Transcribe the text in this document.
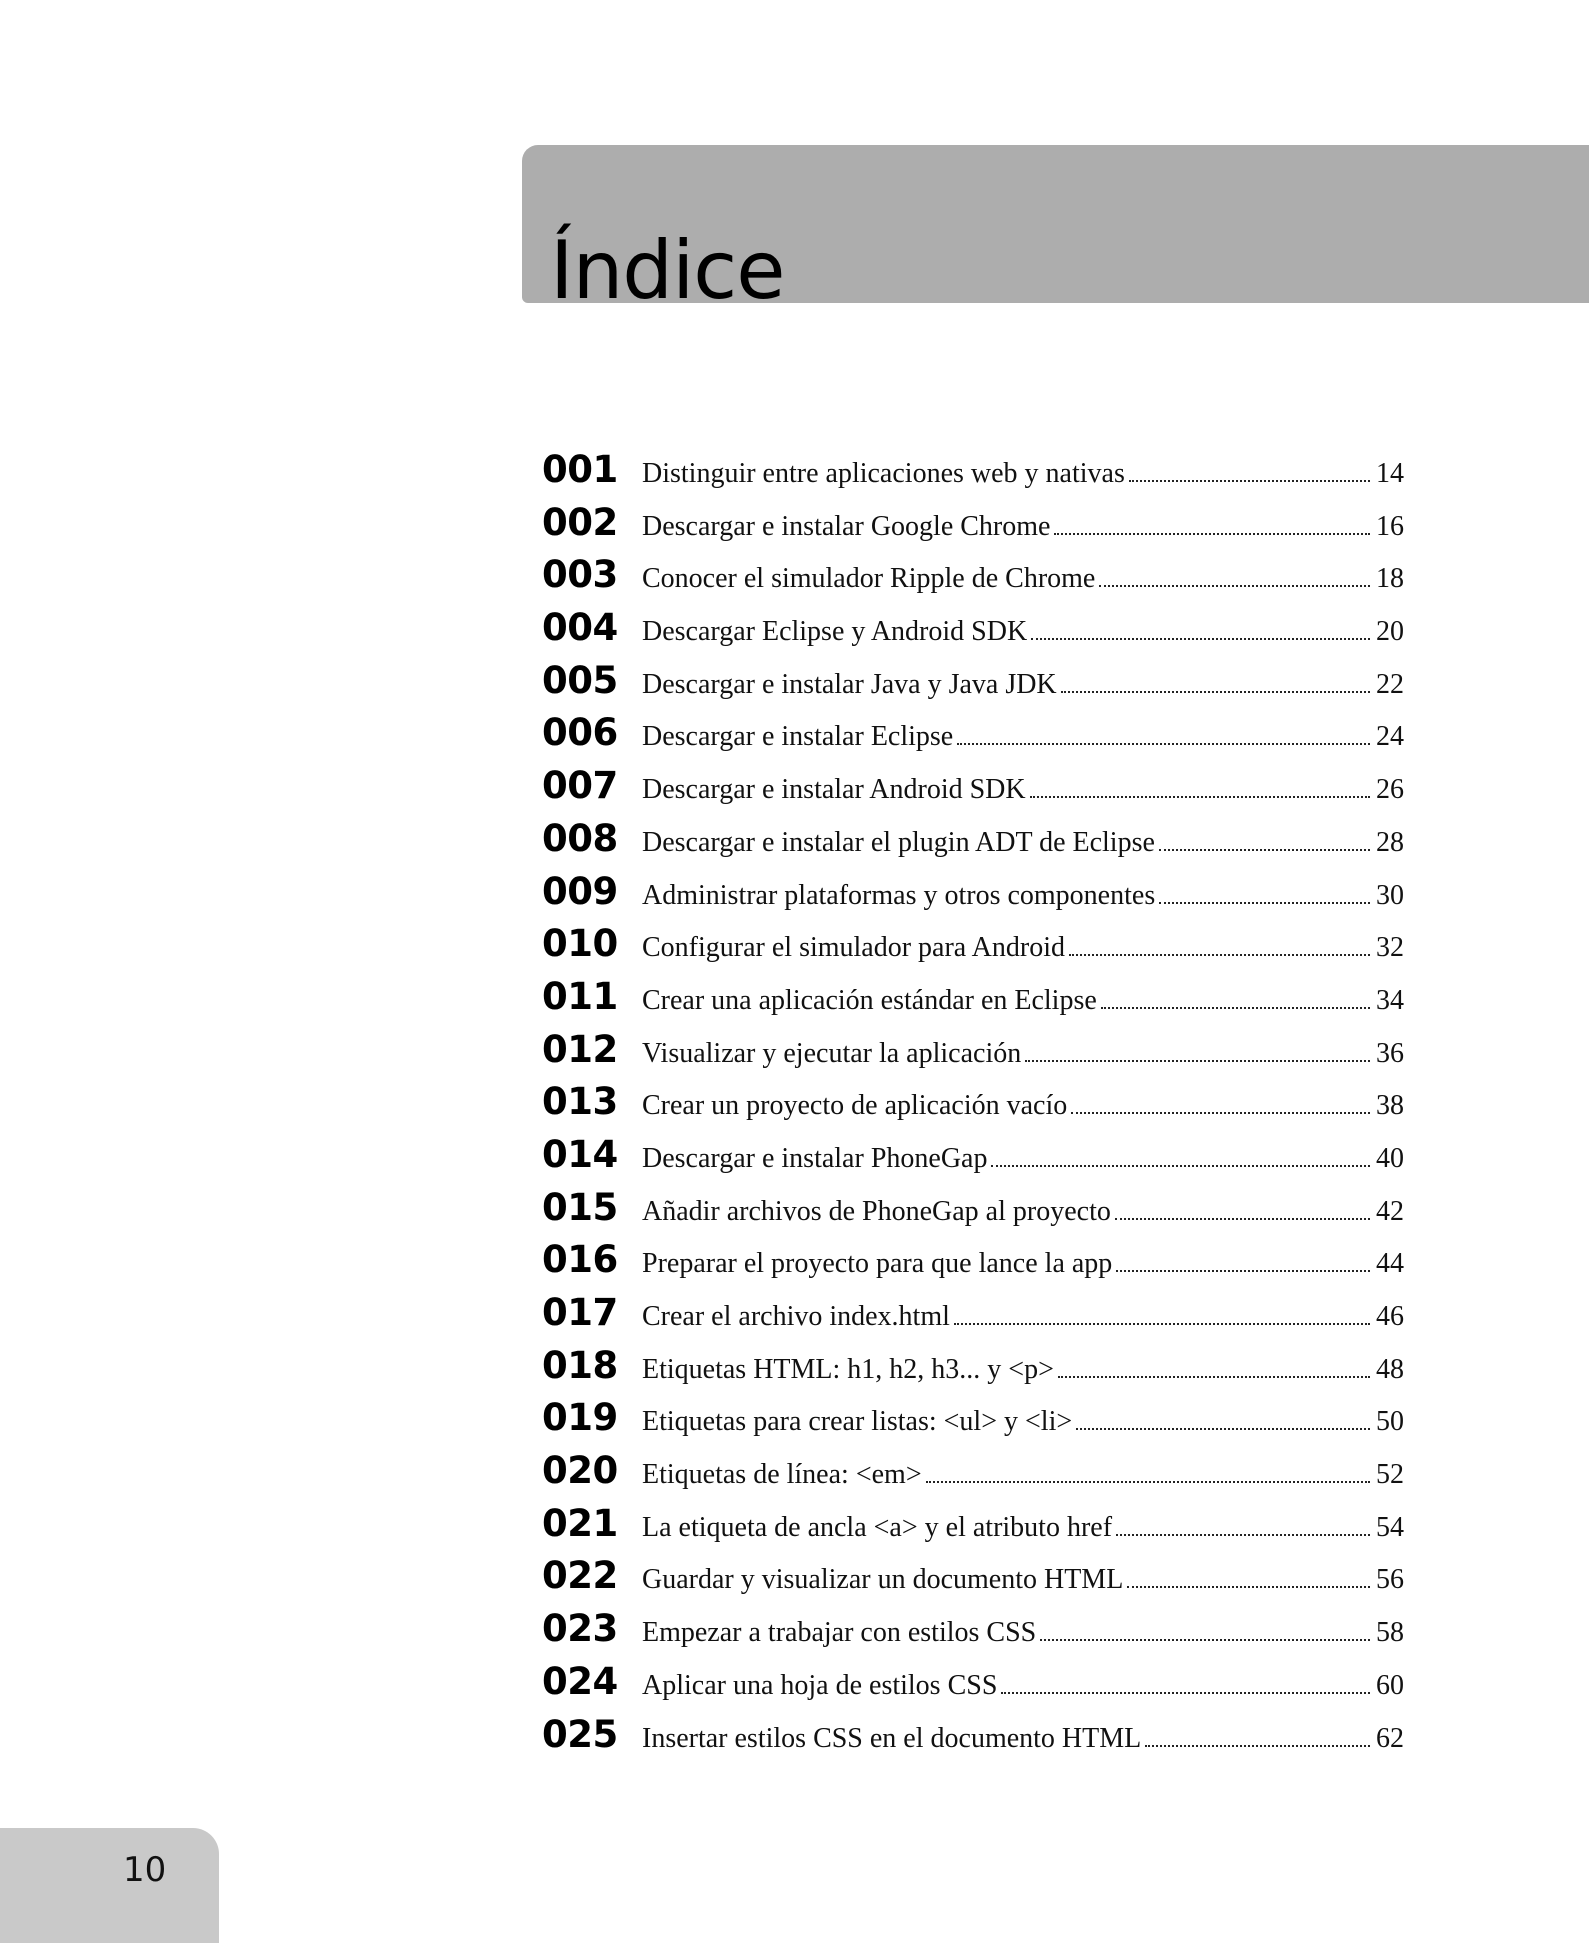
Índice
001 Distinguir entre aplicaciones web y nativas	14
002 Descargar e instalar Google Chrome	16
003 Conocer el simulador Ripple de Chrome	18
004 Descargar Eclipse y Android SDK	20
005 Descargar e instalar Java y Java JDK	22
006 Descargar e instalar Eclipse	24
007 Descargar e instalar Android SDK	26
008 Descargar e instalar el plugin ADT de Eclipse	28
009 Administrar plataformas y otros componentes	30
010 Configurar el simulador para Android	32
011 Crear una aplicación estándar en Eclipse	34
012 Visualizar y ejecutar la aplicación	36
013 Crear un proyecto de aplicación vacío	38
014 Descargar e instalar PhoneGap	40
015 Añadir archivos de PhoneGap al proyecto	42
016 Preparar el proyecto para que lance la app	44
017 Crear el archivo index.html	46
018 Etiquetas HTML: h1, h2, h3... y <p>	48
019 Etiquetas para crear listas: <ul> y <li>	50
020 Etiquetas de línea: <em>	52
021 La etiqueta de ancla <a> y el atributo href	54
022 Guardar y visualizar un documento HTML	56
023 Empezar a trabajar con estilos CSS	58
024 Aplicar una hoja de estilos CSS	60
025 Insertar estilos CSS en el documento HTML	62
10
